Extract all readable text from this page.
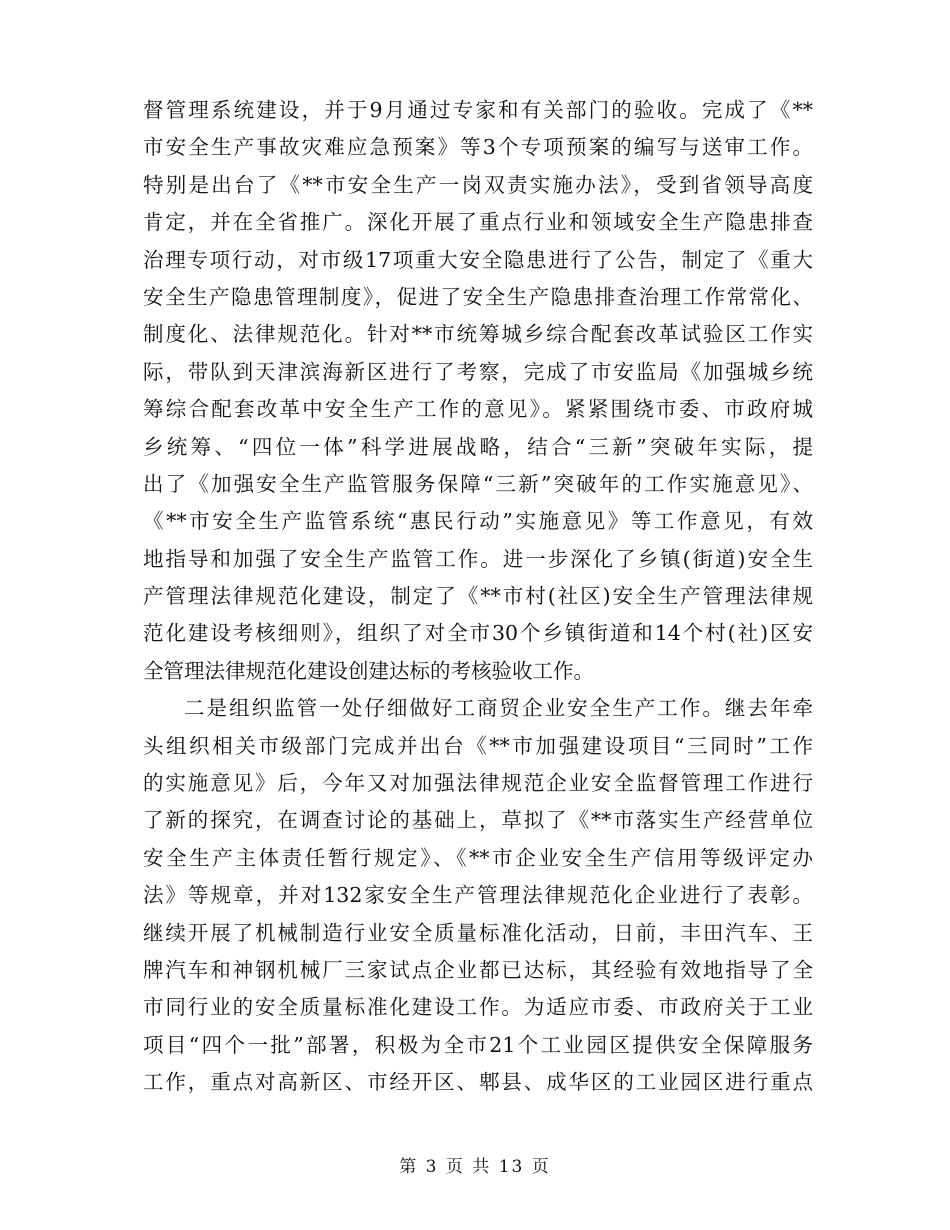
督管理系统建设，并于9月通过专家和有关部门的验收。完成了《**
市安全生产事故灾难应急预案》等3个专项预案的编写与送审工作。
特别是出台了《**市安全生产一岗双责实施办法》，受到省领导高度
肯定，并在全省推广。深化开展了重点行业和领域安全生产隐患排查
治理专项行动，对市级17项重大安全隐患进行了公告，制定了《重大
安全生产隐患管理制度》，促进了安全生产隐患排查治理工作常常化、
制度化、法律规范化。针对**市统筹城乡综合配套改革试验区工作实
际，带队到天津滨海新区进行了考察，完成了市安监局《加强城乡统
筹综合配套改革中安全生产工作的意见》。紧紧围绕市委、市政府城
乡统筹、“四位一体”科学进展战略，结合“三新”突破年实际，提
出了《加强安全生产监管服务保障“三新”突破年的工作实施意见》、
《**市安全生产监管系统“惠民行动”实施意见》等工作意见，有效
地指导和加强了安全生产监管工作。进一步深化了乡镇(街道)安全生
产管理法律规范化建设，制定了《**市村(社区)安全生产管理法律规
范化建设考核细则》，组织了对全市30个乡镇街道和14个村(社)区安
全管理法律规范化建设创建达标的考核验收工作。
二是组织监管一处仔细做好工商贸企业安全生产工作。继去年牵
头组织相关市级部门完成并出台《**市加强建设项目“三同时”工作
的实施意见》后，今年又对加强法律规范企业安全监督管理工作进行
了新的探究，在调查讨论的基础上，草拟了《**市落实生产经营单位
安全生产主体责任暂行规定》、《**市企业安全生产信用等级评定办
法》等规章，并对132家安全生产管理法律规范化企业进行了表彰。
继续开展了机械制造行业安全质量标准化活动，日前，丰田汽车、王
牌汽车和神钢机械厂三家试点企业都已达标，其经验有效地指导了全
市同行业的安全质量标准化建设工作。为适应市委、市政府关于工业
项目“四个一批”部署，积极为全市21个工业园区提供安全保障服务
工作，重点对高新区、市经开区、郫县、成华区的工业园区进行重点
第 3 页 共 13 页
